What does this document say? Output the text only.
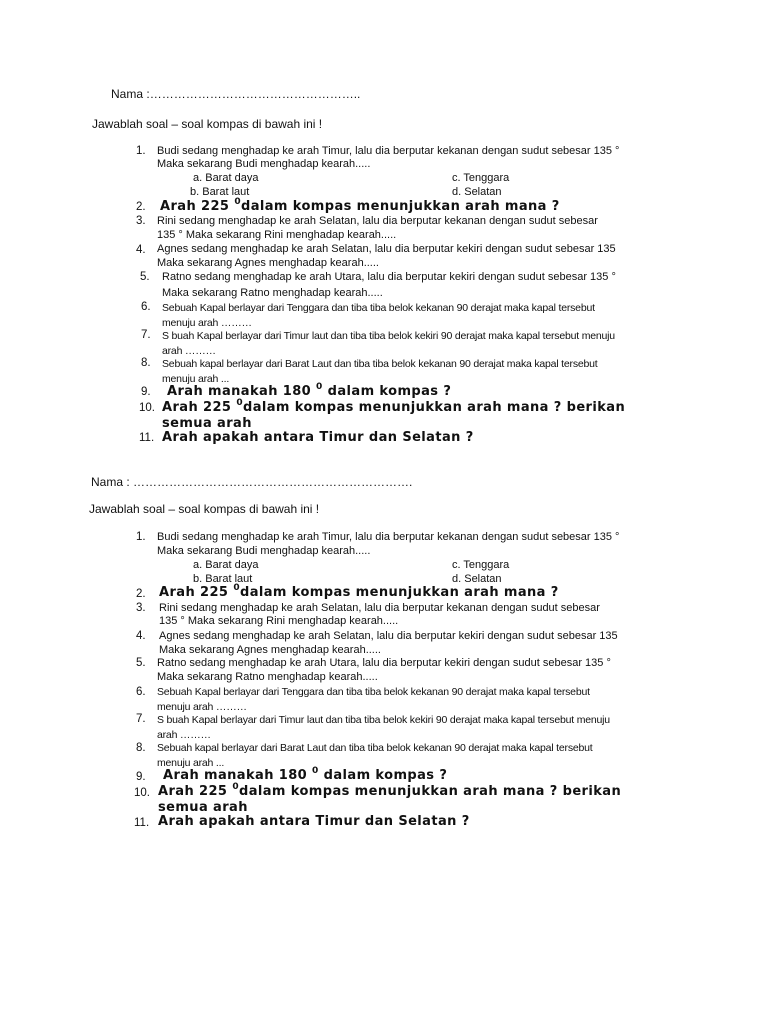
Nama :……………………………………………..
Jawablah soal – soal kompas di bawah ini !
1. Budi sedang menghadap ke arah Timur, lalu dia berputar kekanan dengan sudut sebesar 135 °
Maka sekarang Budi menghadap kearah.....
a. Barat daya
b. Barat laut
c. Tenggara
d. Selatan
2. Arah 225 $^0$dalam kompas menunjukkan arah mana ?
3. Rini sedang menghadap ke arah Selatan, lalu dia berputar kekanan dengan sudut sebesar
135 ° Maka sekarang Rini menghadap kearah.....
4. Agnes sedang menghadap ke arah Selatan, lalu dia berputar kekiri dengan sudut sebesar 135
Maka sekarang Agnes menghadap kearah.....
5. Ratno sedang menghadap ke arah Utara, lalu dia berputar kekiri dengan sudut sebesar 135 °
Maka sekarang Ratno menghadap kearah.....
6. Sebuah Kapal berlayar dari Tenggara dan tiba tiba belok kekanan 90 derajat maka kapal tersebut
menuju arah ………
7. S buah Kapal berlayar dari Timur laut dan tiba tiba belok kekiri 90 derajat maka kapal tersebut menuju
arah ………
8. Sebuah kapal berlayar dari Barat Laut dan tiba tiba belok kekanan 90 derajat maka kapal tersebut
menuju arah ...
9. Arah manakah 180 $^0$ dalam kompas ?
10. Arah 225 $^0$dalam kompas menunjukkan arah mana ? berikan
semua arah
11. Arah apakah antara Timur dan Selatan ?
Nama : …………………………………………………………….
Jawablah soal – soal kompas di bawah ini !
1. Budi sedang menghadap ke arah Timur, lalu dia berputar kekanan dengan sudut sebesar 135 °
Maka sekarang Budi menghadap kearah.....
a. Barat daya
b. Barat laut
c. Tenggara
d. Selatan
2. Arah 225 $^0$dalam kompas menunjukkan arah mana ?
3. Rini sedang menghadap ke arah Selatan, lalu dia berputar kekanan dengan sudut sebesar
135 ° Maka sekarang Rini menghadap kearah.....
4. Agnes sedang menghadap ke arah Selatan, lalu dia berputar kekiri dengan sudut sebesar 135
Maka sekarang Agnes menghadap kearah.....
5. Ratno sedang menghadap ke arah Utara, lalu dia berputar kekiri dengan sudut sebesar 135 °
Maka sekarang Ratno menghadap kearah.....
6. Sebuah Kapal berlayar dari Tenggara dan tiba tiba belok kekanan 90 derajat maka kapal tersebut
menuju arah ………
7. S buah Kapal berlayar dari Timur laut dan tiba tiba belok kekiri 90 derajat maka kapal tersebut menuju
arah ………
8. Sebuah kapal berlayar dari Barat Laut dan tiba tiba belok kekanan 90 derajat maka kapal tersebut
menuju arah ...
9. Arah manakah 180 $^0$ dalam kompas ?
10. Arah 225 $^0$dalam kompas menunjukkan arah mana ? berikan
semua arah
11. Arah apakah antara Timur dan Selatan ?
